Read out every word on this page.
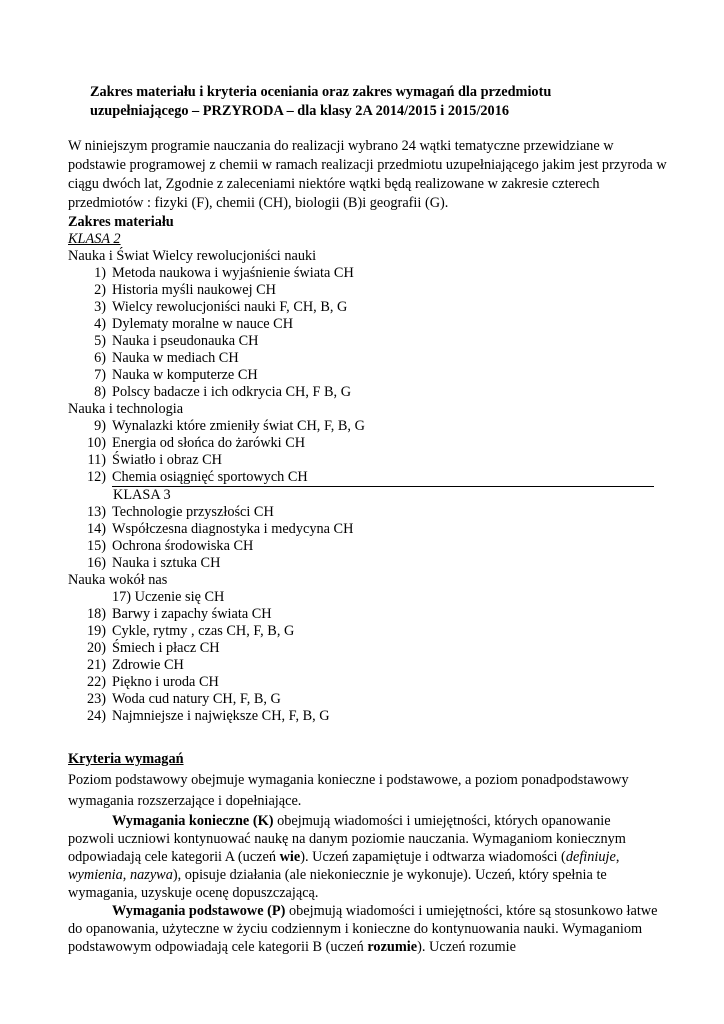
Zakres materiału i kryteria oceniania oraz zakres wymagań dla przedmiotu uzupełniającego – PRZYRODA – dla klasy 2A 2014/2015 i 2015/2016
W niniejszym programie nauczania do realizacji wybrano 24 wątki tematyczne przewidziane w podstawie programowej z chemii w ramach realizacji przedmiotu uzupełniającego jakim jest przyroda w ciągu dwóch lat, Zgodnie z zaleceniami niektóre wątki będą realizowane w zakresie czterech przedmiotów : fizyki (F), chemii (CH), biologii (B)i geografii (G).
Zakres materiału
KLASA 2
Nauka i Świat Wielcy rewolucjoniści nauki
1) Metoda naukowa i wyjaśnienie świata CH
2) Historia myśli naukowej CH
3) Wielcy rewolucjoniści nauki F, CH, B, G
4) Dylematy moralne w nauce CH
5) Nauka i pseudonauka CH
6) Nauka w mediach CH
7) Nauka w komputerze CH
8) Polscy badacze i ich odkrycia CH, F B, G
Nauka i technologia
9) Wynalazki które zmieniły świat CH, F, B, G
10) Energia od słońca do żarówki CH
11) Światło i obraz CH
12) Chemia osiągnięć sportowych CH
KLASA 3
13) Technologie przyszłości CH
14) Współczesna diagnostyka i medycyna CH
15) Ochrona środowiska CH
16) Nauka i sztuka CH
Nauka wokół nas
17) Uczenie się CH
18) Barwy i zapachy świata CH
19) Cykle, rytmy , czas CH, F, B, G
20) Śmiech i płacz CH
21) Zdrowie CH
22) Piękno i uroda CH
23) Woda cud natury CH, F, B, G
24) Najmniejsze i największe CH, F, B, G

Kryteria wymagań

Poziom podstawowy obejmuje wymagania konieczne i podstawowe, a poziom ponadpodstawowy wymagania rozszerzające i dopełniające.

Wymagania konieczne (K) obejmują wiadomości i umiejętności, których opanowanie pozwoli uczniowi kontynuować naukę na danym poziomie nauczania. Wymaganiom koniecznym odpowiadają cele kategorii A (uczeń wie). Uczeń zapamiętuje i odtwarza wiadomości (definiuje, wymienia, nazywa), opisuje działania (ale niekoniecznie je wykonuje). Uczeń, który spełnia te wymagania, uzyskuje ocenę dopuszczającą.

Wymagania podstawowe (P) obejmują wiadomości i umiejętności, które są stosunkowo łatwe do opanowania, użyteczne w życiu codziennym i konieczne do kontynuowania nauki. Wymaganiom podstawowym odpowiadają cele kategorii B (uczeń rozumie). Uczeń rozumie
